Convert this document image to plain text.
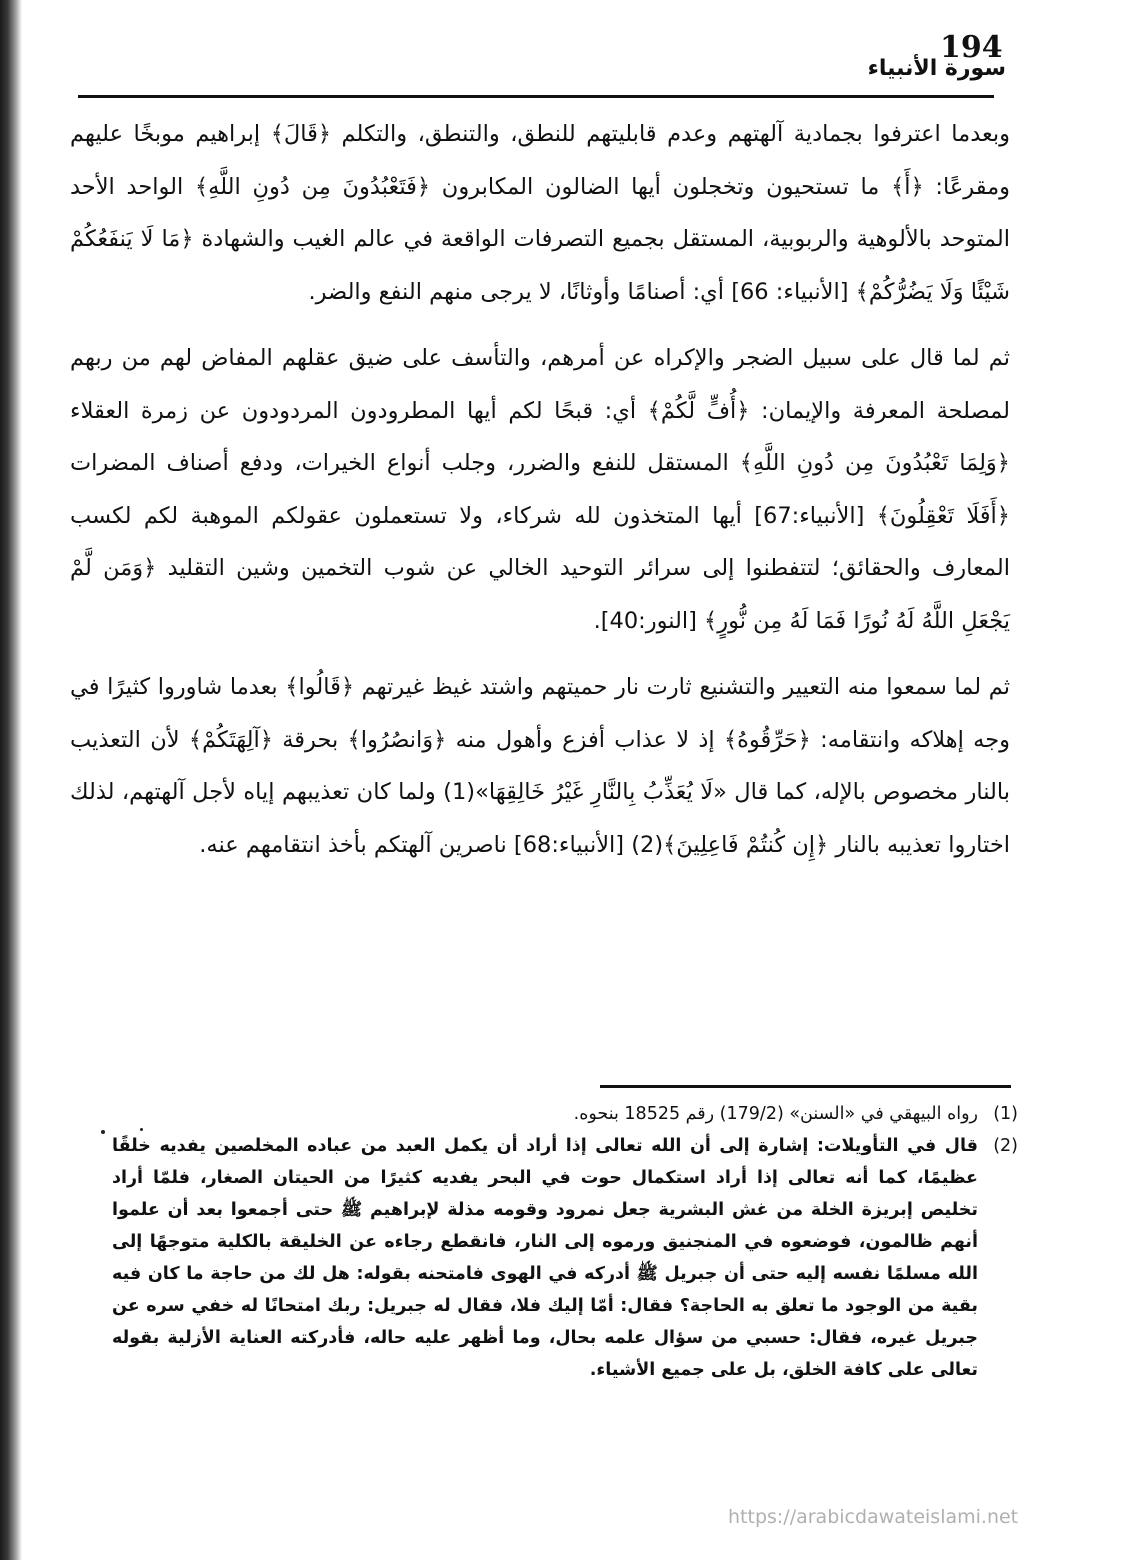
194
سورة الأنبياء

وبعدما اعترفوا بجمادية آلهتهم وعدم قابليتهم للنطق، والتنطق، والتكلم ﴿قَالَ﴾ إبراهيم موبخًا عليهم ومقرعًا: ﴿أَ﴾ ما تستحيون وتخجلون أيها الضالون المكابرون ﴿فَتَعْبُدُونَ مِن دُونِ اللَّهِ﴾ الواحد الأحد المتوحد بالألوهية والربوبية، المستقل بجميع التصرفات الواقعة في عالم الغيب والشهادة ﴿مَا لَا يَنفَعُكُمْ شَيْئًا وَلَا يَضُرُّكُمْ﴾ [الأنبياء: 66] أي: أصنامًا وأوثانًا، لا يرجى منهم النفع والضر.

ثم لما قال على سبيل الضجر والإكراه عن أمرهم، والتأسف على ضيق عقلهم المفاض لهم من ربهم لمصلحة المعرفة والإيمان: ﴿أُفٍّ لَّكُمْ﴾ أي: قبحًا لكم أيها المطرودون المردودون عن زمرة العقلاء ﴿وَلِمَا تَعْبُدُونَ مِن دُونِ اللَّهِ﴾ المستقل للنفع والضرر، وجلب أنواع الخيرات، ودفع أصناف المضرات ﴿أَفَلَا تَعْقِلُونَ﴾ [الأنبياء:67] أيها المتخذون لله شركاء، ولا تستعملون عقولكم الموهبة لكم لكسب المعارف والحقائق؛ لتتفطنوا إلى سرائر التوحيد الخالي عن شوب التخمين وشين التقليد ﴿وَمَن لَّمْ يَجْعَلِ اللَّهُ لَهُ نُورًا فَمَا لَهُ مِن نُّورٍ﴾ [النور:40].

ثم لما سمعوا منه التعيير والتشنيع ثارت نار حميتهم واشتد غيظ غيرتهم ﴿قَالُوا﴾ بعدما شاوروا كثيرًا في وجه إهلاكه وانتقامه: ﴿حَرِّقُوهُ﴾ إذ لا عذاب أفزع وأهول منه ﴿وَانصُرُوا﴾ بحرقة ﴿آلِهَتَكُمْ﴾ لأن التعذيب بالنار مخصوص بالإله، كما قال «لَا يُعَذِّبُ بِالنَّارِ غَيْرُ خَالِقِهَا»(1) ولما كان تعذيبهم إياه لأجل آلهتهم، لذلك اختاروا تعذيبه بالنار ﴿إِن كُنتُمْ فَاعِلِينَ﴾(2) [الأنبياء:68] ناصرين آلهتكم بأخذ انتقامهم عنه.

(1)
رواه البيهقي في «السنن» (179/2) رقم 18525 بنحوه.

(2)
قال في التأويلات: إشارة إلى أن الله تعالى إذا أراد أن يكمل العبد من عباده المخلصين يفديه خلقًا عظيمًا، كما أنه تعالى إذا أراد استكمال حوت في البحر يفديه كثيرًا من الحيتان الصغار، فلمّا أراد تخليص إبريزة الخلة من غش البشرية جعل نمرود وقومه مذلة لإبراهيم ﷺ حتى أجمعوا بعد أن علموا أنهم ظالمون، فوضعوه في المنجنيق ورموه إلى النار، فانقطع رجاءه عن الخليقة بالكلية متوجهًا إلى الله مسلمًا نفسه إليه حتى أن جبريل ﷺ أدركه في الهوى فامتحنه بقوله: هل لك من حاجة ما كان فيه بقية من الوجود ما تعلق به الحاجة؟ فقال: أمّا إليك فلا، فقال له جبريل: ربك امتحانًا له خفي سره عن جبريل غيره، فقال: حسبي من سؤال علمه بحال، وما أظهر عليه حاله، فأدركته العناية الأزلية بقوله تعالى على كافة الخلق، بل على جميع الأشياء.

https://arabicdawateislami.net
